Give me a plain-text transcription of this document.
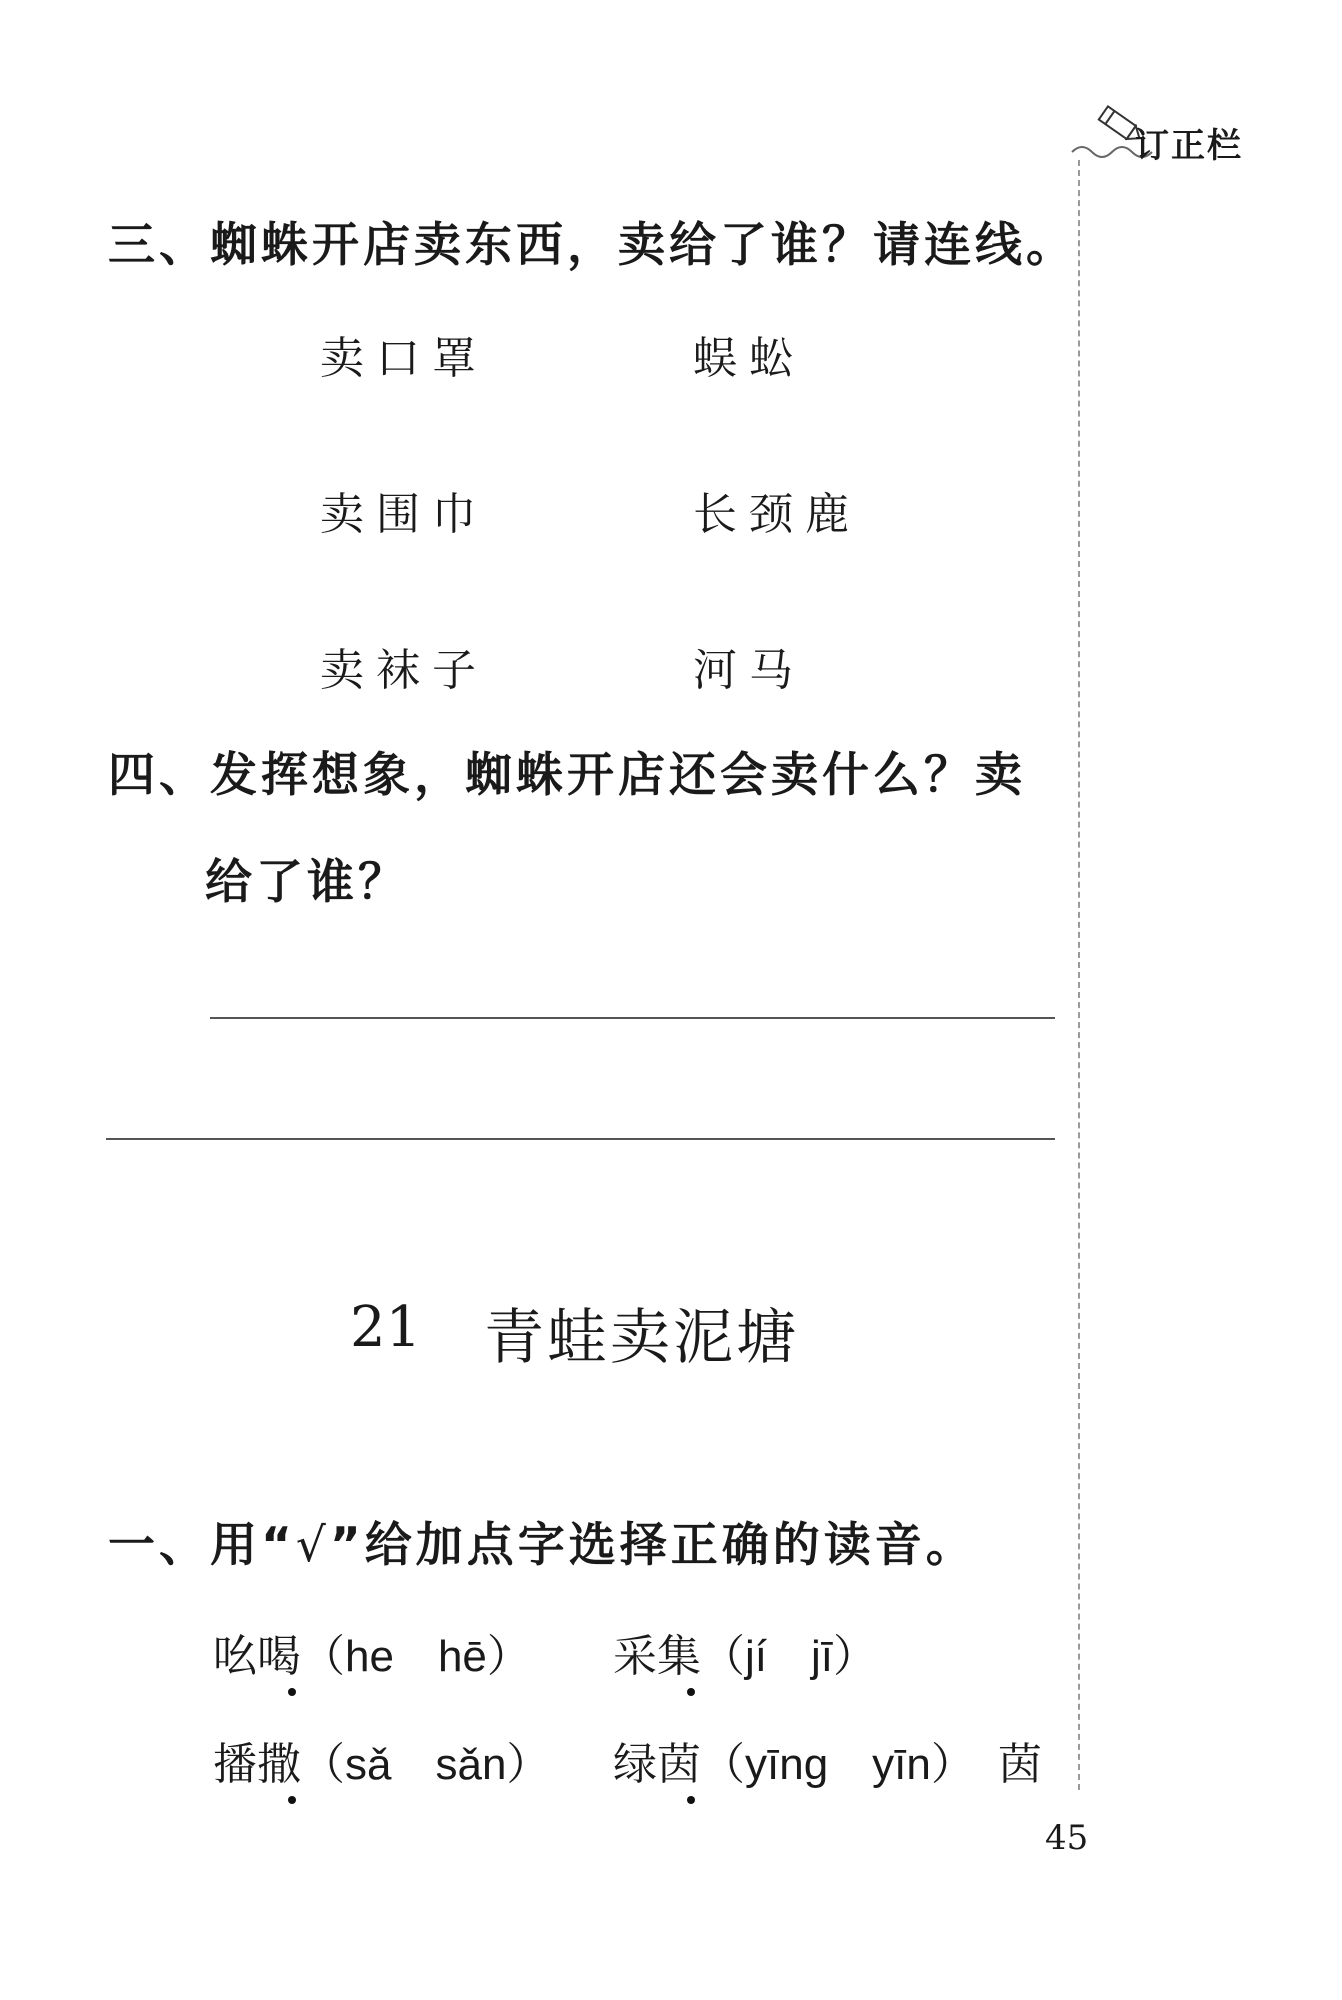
订正栏
三、蜘蛛开店卖东西，卖给了谁？请连线。
卖口罩
卖围巾
卖袜子
蜈蚣
长颈鹿
河马
四、发挥想象，蜘蛛开店还会卖什么？卖
给了谁？
21 青蛙卖泥塘
一、用“√”给加点字选择正确的读音。
吆喝（he　hē） 采集（jí　jī）
播撒（sǎ　sǎn） 绿茵（yīng　yīn） 茵
45
